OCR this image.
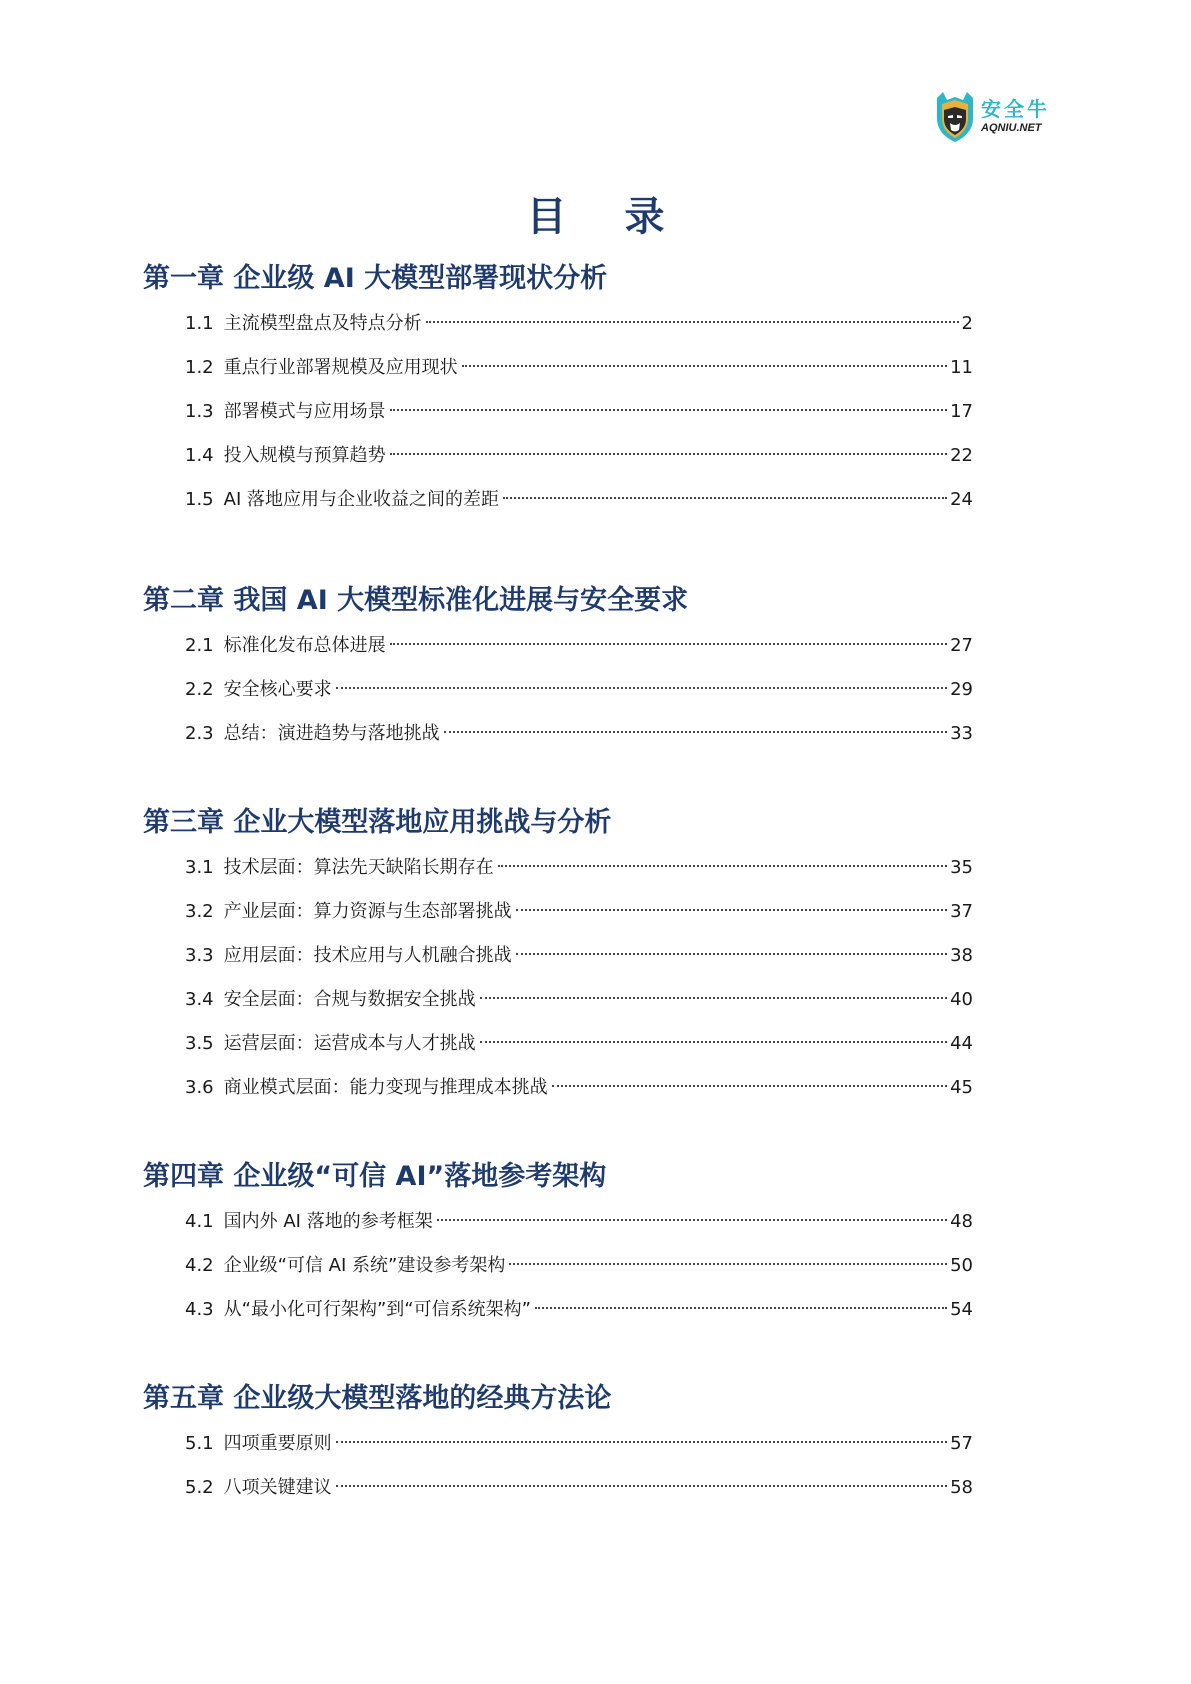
安全牛
AQNIU.NET
目 录
第一章 企业级 AI 大模型部署现状分析
1.1 主流模型盘点及特点分析	2
1.2 重点行业部署规模及应用现状	11
1.3 部署模式与应用场景	17
1.4 投入规模与预算趋势	22
1.5 AI 落地应用与企业收益之间的差距	24
第二章 我国 AI 大模型标准化进展与安全要求
2.1 标准化发布总体进展	27
2.2 安全核心要求	29
2.3 总结：演进趋势与落地挑战	33
第三章 企业大模型落地应用挑战与分析
3.1 技术层面：算法先天缺陷长期存在	35
3.2 产业层面：算力资源与生态部署挑战	37
3.3 应用层面：技术应用与人机融合挑战	38
3.4 安全层面：合规与数据安全挑战	40
3.5 运营层面：运营成本与人才挑战	44
3.6 商业模式层面：能力变现与推理成本挑战	45
第四章 企业级“可信 AI”落地参考架构
4.1 国内外 AI 落地的参考框架	48
4.2 企业级“可信 AI 系统”建设参考架构	50
4.3 从“最小化可行架构”到“可信系统架构”	54
第五章 企业级大模型落地的经典方法论
5.1 四项重要原则	57
5.2 八项关键建议	58
